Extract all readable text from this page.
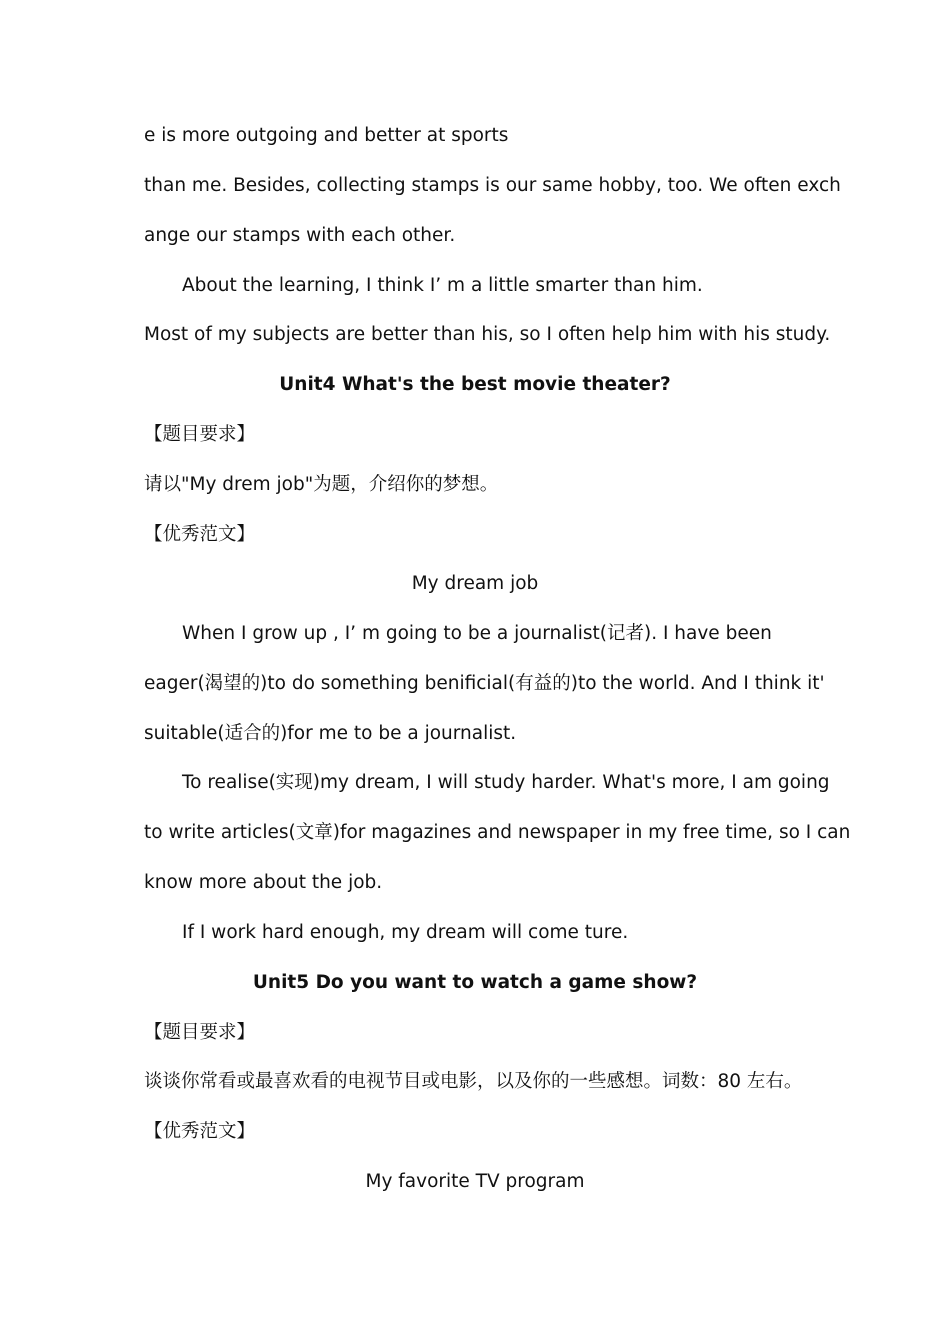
e is more outgoing and better at sports
than me. Besides, collecting stamps is our same hobby, too. We often exch
ange our stamps with each other.
About the learning, I think I’ m a little smarter than him.
Most of my subjects are better than his, so I often help him with his study.
Unit4 What's the best movie theater?
【题目要求】
请以"My drem job"为题，介绍你的梦想。
【优秀范文】
My dream job
When I grow up , I’ m going to be a journalist(记者). I have been
eager(渴望的)to do something benificial(有益的)to the world. And I think it'
suitable(适合的)for me to be a journalist.
To realise(实现)my dream, I will study harder. What's more, I am going
to write articles(文章)for magazines and newspaper in my free time, so I can
know more about the job.
If I work hard enough, my dream will come ture.
Unit5 Do you want to watch a game show?
【题目要求】
谈谈你常看或最喜欢看的电视节目或电影，以及你的一些感想。词数：80 左右。
【优秀范文】
My favorite TV program
